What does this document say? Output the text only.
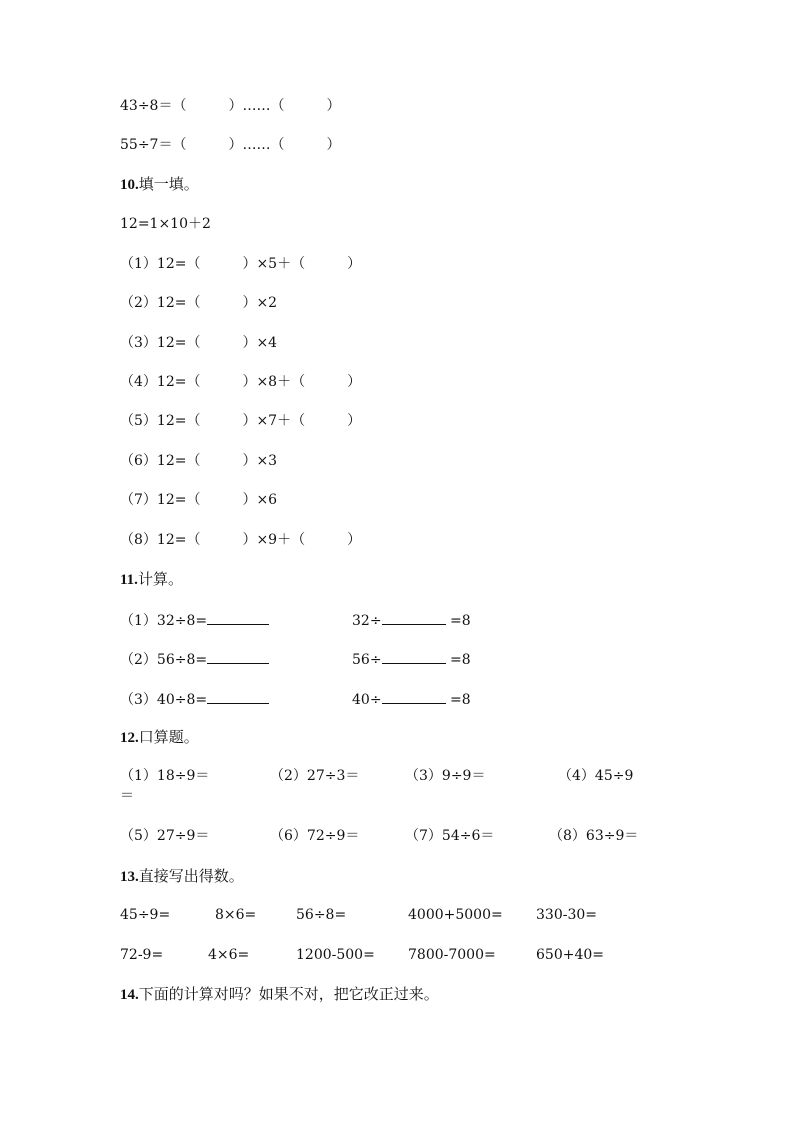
43÷8＝（　　　）……（　　　）
55÷7＝（　　　）……（　　　）
10.填一填。
12=1×10＋2
（1）12=（　　　）×5＋（　　　）
（2）12=（　　　）×2
（3）12=（　　　）×4
（4）12=（　　　）×8＋（　　　）
（5）12=（　　　）×7＋（　　　）
（6）12=（　　　）×3
（7）12=（　　　）×6
（8）12=（　　　）×9＋（　　　）
11.计算。
（1）32÷8=	32÷	=8
（2）56÷8=	56÷	=8
（3）40÷8=	40÷	=8
12.口算题。
（1）18÷9＝	（2）27÷3＝	（3）9÷9＝	（4）45÷9
＝
（5）27÷9＝	（6）72÷9＝	（7）54÷6＝	（8）63÷9＝
13.直接写出得数。
45÷9=	8×6=	56÷8=	4000+5000= 330-30=
72-9=	4×6=	1200-500= 7800-7000=	650+40=
14.下面的计算对吗？如果不对，把它改正过来。
